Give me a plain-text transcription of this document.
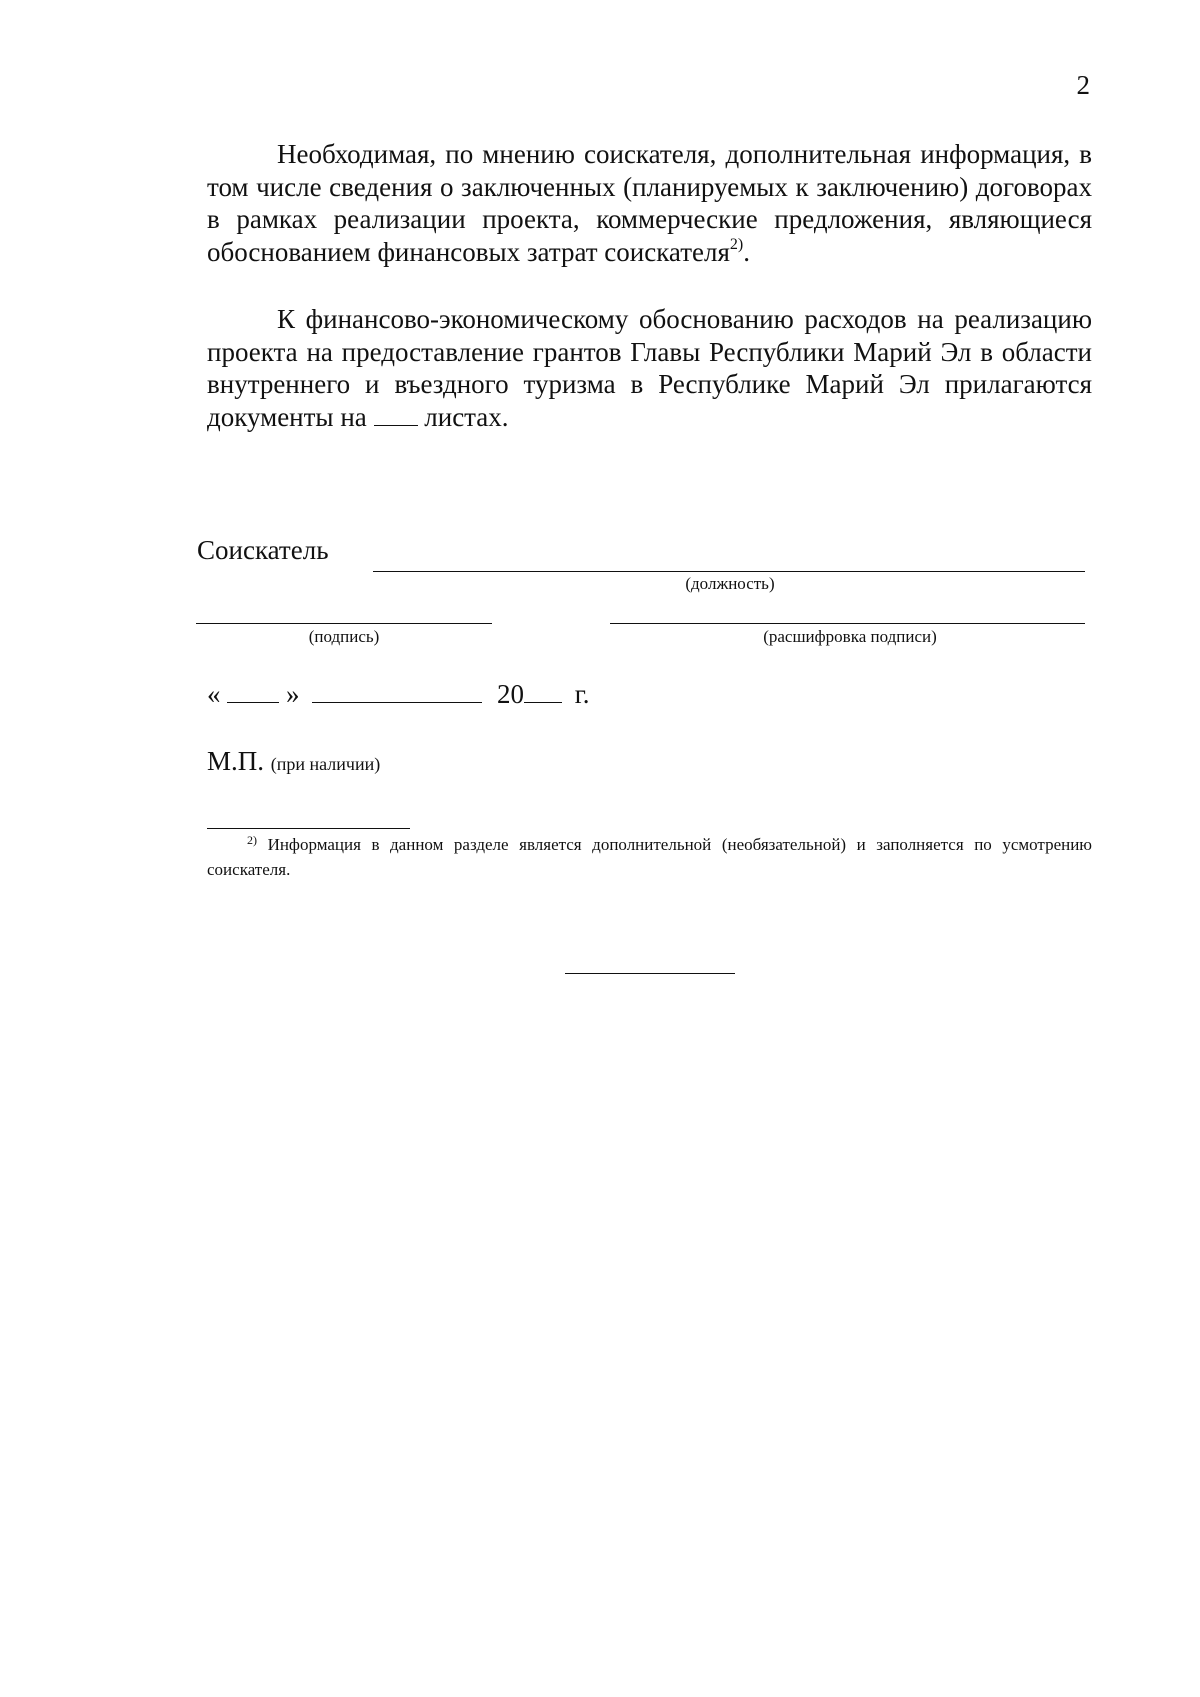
2

Необходимая, по мнению соискателя, дополнительная информация, в том числе сведения о заключенных (планируемых к заключению) договорах в рамках реализации проекта, коммерческие предложения, являющиеся обоснованием финансовых затрат соискателя$^{2)}$.

К финансово-экономическому обоснованию расходов на реализацию проекта на предоставление грантов Главы Республики Марий Эл в области внутреннего и въездного туризма в Республике Марий Эл прилагаются документы на листах.

Соискатель
(должность)
(подпись)	(расшифровка подписи)
« »	20 г.
М.П. (при наличии)

$^{2)}$ Информация в данном разделе является дополнительной (необязательной) и заполняется по усмотрению соискателя.
